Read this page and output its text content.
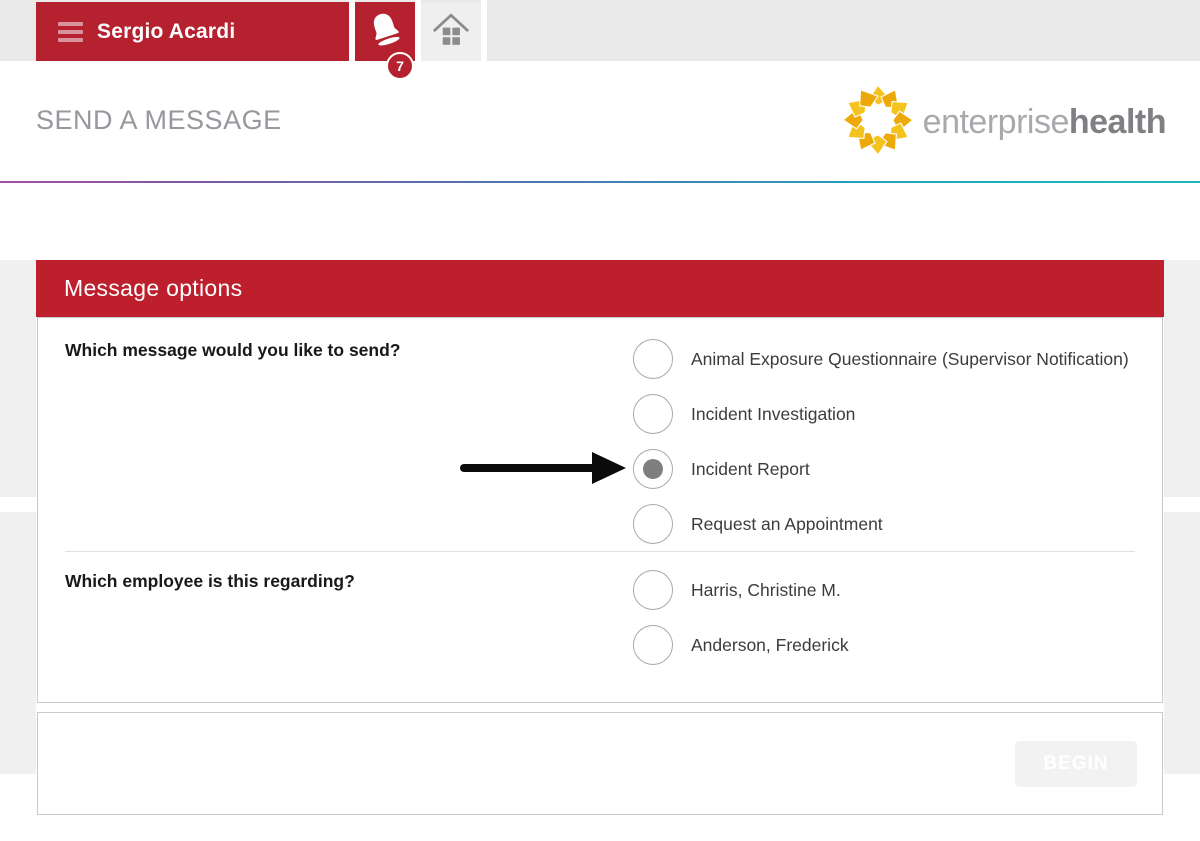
Sergio Acardi
7
SEND A MESSAGE	enterprisehealth
Message options
Which message would you like to send?	Animal Exposure Questionnaire (Supervisor Notification)
Incident Investigation
Incident Report
Request an Appointment
Which employee is this regarding?	Harris, Christine M.
Anderson, Frederick
BEGIN
